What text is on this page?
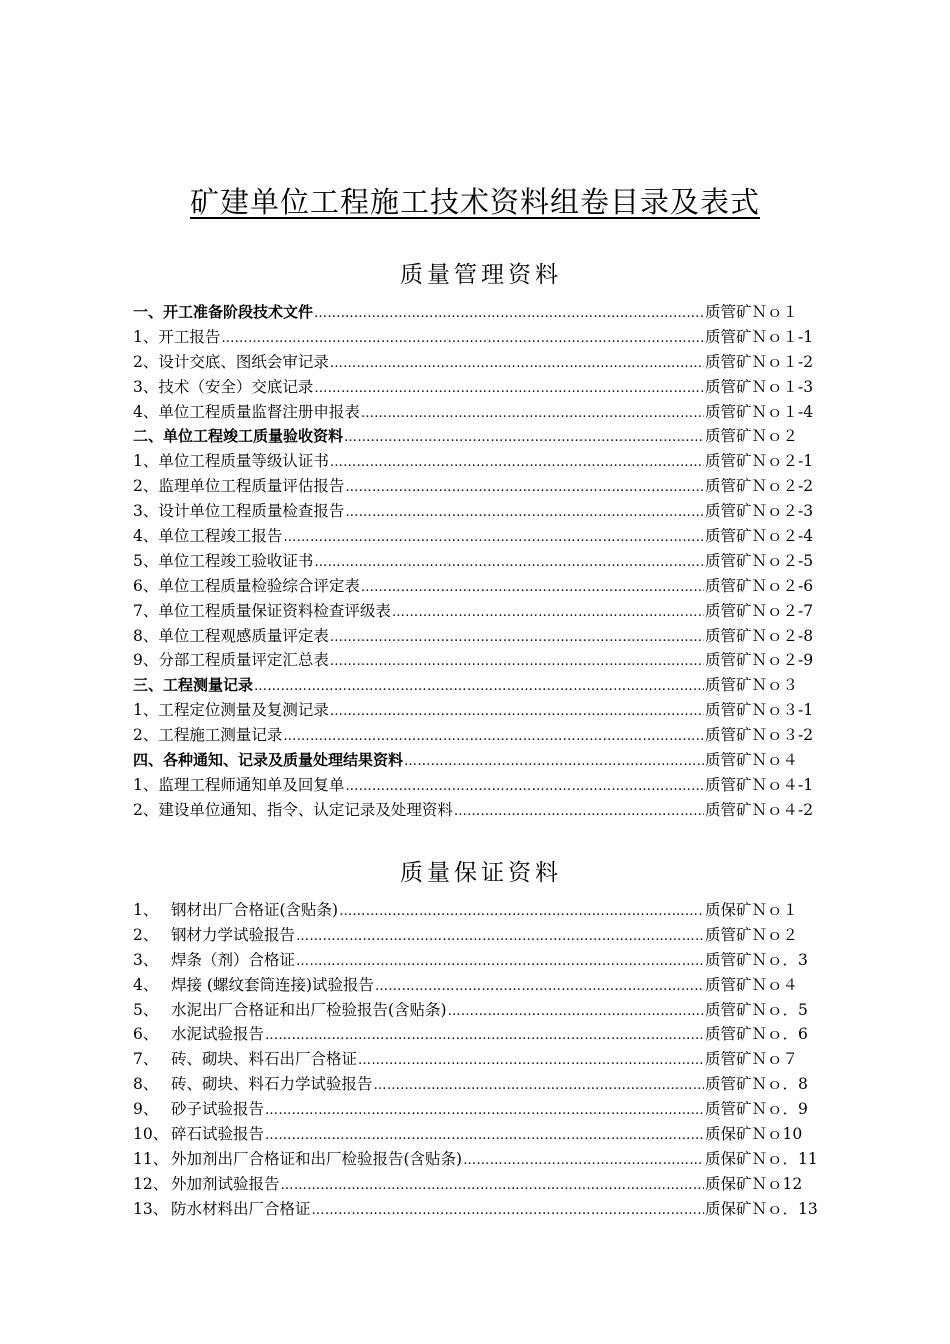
矿建单位工程施工技术资料组卷目录及表式
质量管理资料
一、开工准备阶段技术文件 ……………………………………………………………………………………………………………………………………………………………………………………	质管矿Ｎｏ１
1、开工报告 ……………………………………………………………………………………………………………………………………………………………………………………	质管矿Ｎｏ１-1
2、设计交底、图纸会审记录 ……………………………………………………………………………………………………………………………………………………………………………………	质管矿Ｎｏ１-2
3、技术（安全）交底记录 ……………………………………………………………………………………………………………………………………………………………………………………	质管矿Ｎｏ１-3
4、单位工程质量监督注册申报表 ……………………………………………………………………………………………………………………………………………………………………………………	质管矿Ｎｏ１-4
二、单位工程竣工质量验收资料 ……………………………………………………………………………………………………………………………………………………………………………………	质管矿Ｎｏ２
1、单位工程质量等级认证书 ……………………………………………………………………………………………………………………………………………………………………………………	质管矿Ｎｏ２-1
2、监理单位工程质量评估报告 ……………………………………………………………………………………………………………………………………………………………………………………	质管矿Ｎｏ２-2
3、设计单位工程质量检查报告 ……………………………………………………………………………………………………………………………………………………………………………………	质管矿Ｎｏ２-3
4、单位工程竣工报告 ……………………………………………………………………………………………………………………………………………………………………………………	质管矿Ｎｏ２-4
5、单位工程竣工验收证书 ……………………………………………………………………………………………………………………………………………………………………………………	质管矿Ｎｏ２-5
6、单位工程质量检验综合评定表 ……………………………………………………………………………………………………………………………………………………………………………………	质管矿Ｎｏ２-6
7、单位工程质量保证资料检查评级表 ……………………………………………………………………………………………………………………………………………………………………………………	质管矿Ｎｏ２-7
8、单位工程观感质量评定表 ……………………………………………………………………………………………………………………………………………………………………………………	质管矿Ｎｏ２-8
9、分部工程质量评定汇总表 ……………………………………………………………………………………………………………………………………………………………………………………	质管矿Ｎｏ２-9
三、工程测量记录 ……………………………………………………………………………………………………………………………………………………………………………………	质管矿Ｎｏ３
1、工程定位测量及复测记录 ……………………………………………………………………………………………………………………………………………………………………………………	质管矿Ｎｏ３-1
2、工程施工测量记录 ……………………………………………………………………………………………………………………………………………………………………………………	质管矿Ｎｏ３-2
四、各种通知、记录及质量处理结果资料 ……………………………………………………………………………………………………………………………………………………………………………………	质管矿Ｎｏ４
1、监理工程师通知单及回复单 ……………………………………………………………………………………………………………………………………………………………………………………	质管矿Ｎｏ４-1
2、建设单位通知、指令、认定记录及处理资料 ……………………………………………………………………………………………………………………………………………………………………………………	质管矿Ｎｏ４-2
质量保证资料
1、 钢材出厂合格证(含贴条) ……………………………………………………………………………………………………………………………………………………………………………………	质保矿Ｎｏ１
2、 钢材力学试验报告 ……………………………………………………………………………………………………………………………………………………………………………………	质管矿Ｎｏ２
3、 焊条（剂）合格证 ……………………………………………………………………………………………………………………………………………………………………………………	质管矿Ｎｏ．3
4、 焊接 (螺纹套筒连接)试验报告 ……………………………………………………………………………………………………………………………………………………………………………………	质管矿Ｎｏ４
5、 水泥出厂合格证和出厂检验报告(含贴条) ……………………………………………………………………………………………………………………………………………………………………………………	质管矿Ｎｏ．5
6、 水泥试验报告 ……………………………………………………………………………………………………………………………………………………………………………………	质管矿Ｎｏ．6
7、 砖、砌块、料石出厂合格证 ……………………………………………………………………………………………………………………………………………………………………………………	质管矿Ｎｏ７
8、 砖、砌块、料石力学试验报告 ……………………………………………………………………………………………………………………………………………………………………………………	质管矿Ｎｏ．8
9、 砂子试验报告 ……………………………………………………………………………………………………………………………………………………………………………………	质管矿Ｎｏ．9
10、 碎石试验报告 ……………………………………………………………………………………………………………………………………………………………………………………	质保矿Ｎｏ10
11、 外加剂出厂合格证和出厂检验报告(含贴条) ……………………………………………………………………………………………………………………………………………………………………………………	质保矿Ｎｏ．11
12、 外加剂试验报告 ……………………………………………………………………………………………………………………………………………………………………………………	质保矿Ｎｏ12
13、 防水材料出厂合格证 ……………………………………………………………………………………………………………………………………………………………………………………	质保矿Ｎｏ．13
